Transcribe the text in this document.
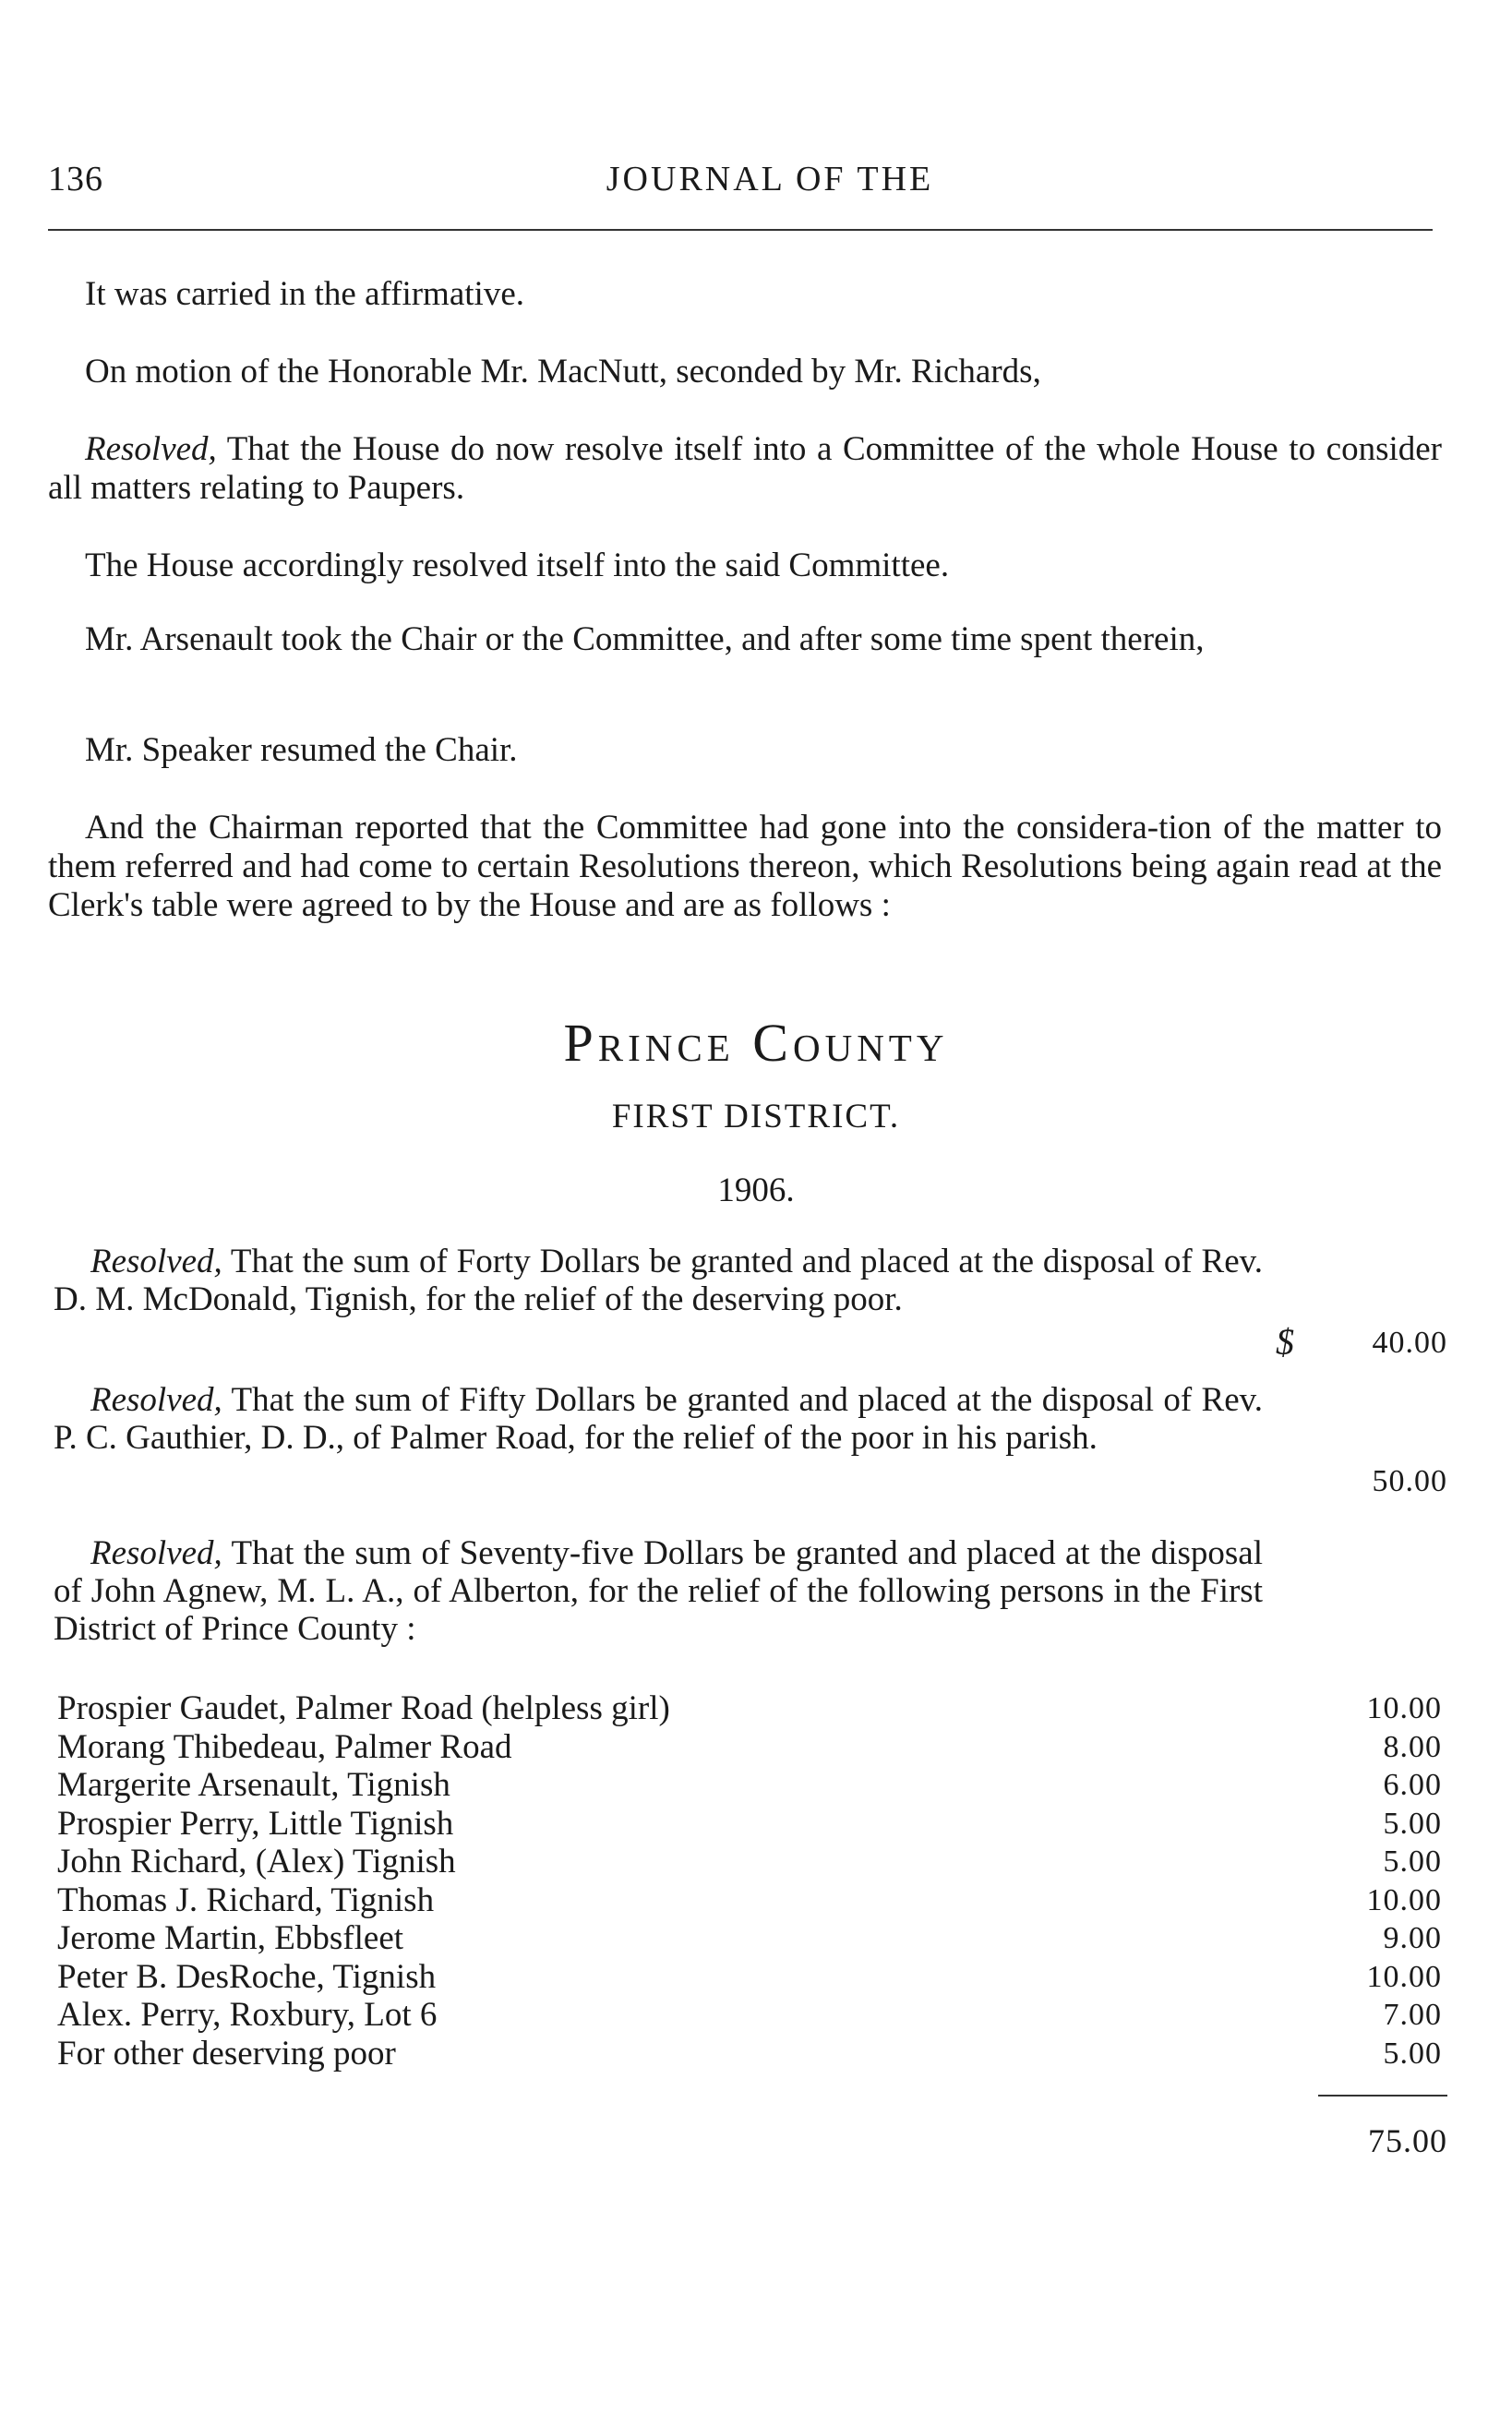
136	JOURNAL OF THE

It was carried in the affirmative.

On motion of the Honorable Mr. MacNutt, seconded by Mr. Richards,

Resolved, That the House do now resolve itself into a Committee of the whole House to consider all matters relating to Paupers.

The House accordingly resolved itself into the said Committee.

Mr. Arsenault took the Chair or the Committee, and after some time spent therein,

Mr. Speaker resumed the Chair.

And the Chairman reported that the Committee had gone into the considera-tion of the matter to them referred and had come to certain Resolutions thereon, which Resolutions being again read at the Clerk's table were agreed to by the House and are as follows :

Prince County
FIRST DISTRICT.
1906.

Resolved, That the sum of Forty Dollars be granted and placed at the disposal of Rev. D. M. McDonald, Tignish, for the relief of the deserving poor.

$	40.00

Resolved, That the sum of Fifty Dollars be granted and placed at the disposal of Rev. P. C. Gauthier, D. D., of Palmer Road, for the relief of the poor in his parish.

50.00

Resolved, That the sum of Seventy-five Dollars be granted and placed at the disposal of John Agnew, M. L. A., of Alberton, for the relief of the following persons in the First District of Prince County :

Prospier Gaudet, Palmer Road (helpless girl)	10.00
Morang Thibedeau, Palmer Road	8.00
Margerite Arsenault, Tignish	6.00
Prospier Perry, Little Tignish	5.00
John Richard, (Alex) Tignish	5.00
Thomas J. Richard, Tignish	10.00
Jerome Martin, Ebbsfleet	9.00
Peter B. DesRoche, Tignish	10.00
Alex. Perry, Roxbury, Lot 6	7.00
For other deserving poor	5.00
75.00
